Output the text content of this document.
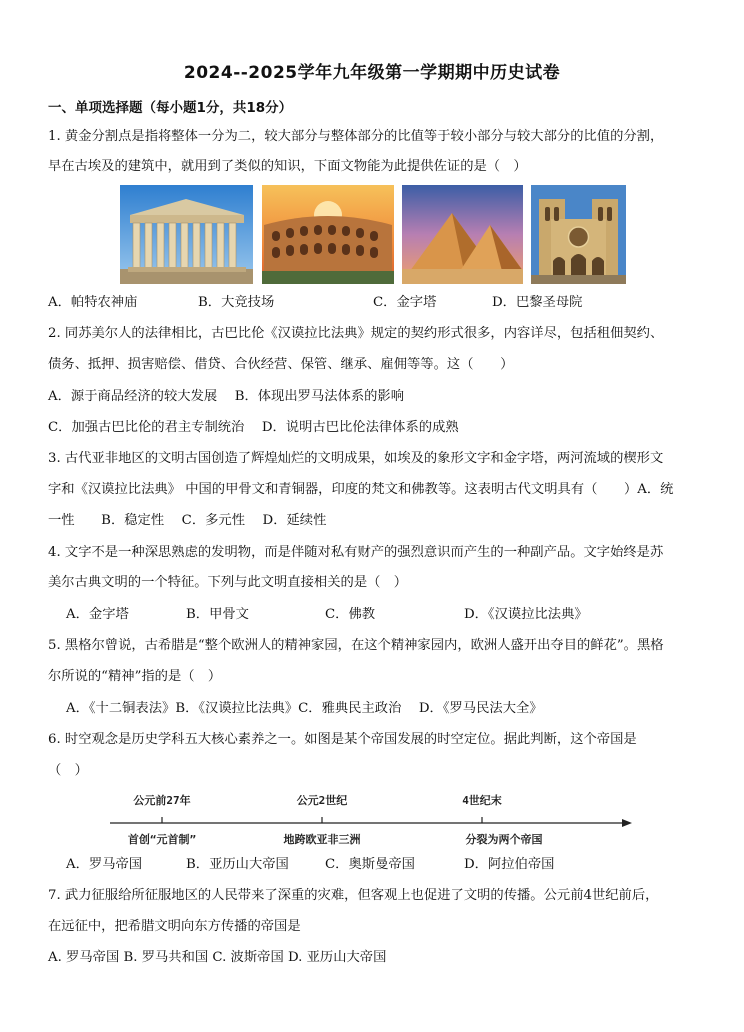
2024--2025学年九年级第一学期期中历史试卷
一、单项选择题（每小题1分，共18分）
1. 黄金分割点是指将整体一分为二，较大部分与整体部分的比值等于较小部分与较大部分的比值的分割，
早在古埃及的建筑中，就用到了类似的知识，下面文物能为此提供佐证的是（　）
A．帕特农神庙	B．大竞技场	C．金字塔	D．巴黎圣母院
2. 同苏美尔人的法律相比，古巴比伦《汉谟拉比法典》规定的契约形式很多，内容详尽，包括租佃契约、
债务、抵押、损害赔偿、借贷、合伙经营、保管、继承、雇佣等等。这（　　）
A．源于商品经济的较大发展　 B．体现出罗马法体系的影响
C．加强古巴比伦的君主专制统治　 D．说明古巴比伦法律体系的成熟
3. 古代亚非地区的文明古国创造了辉煌灿烂的文明成果，如埃及的象形文字和金字塔，两河流域的楔形文
字和《汉谟拉比法典》 中国的甲骨文和青铜器，印度的梵文和佛教等。这表明古代文明具有（　　）A．统
一性　　B．稳定性　 C．多元性　 D．延续性
4. 文字不是一种深思熟虑的发明物，而是伴随对私有财产的强烈意识而产生的一种副产品。文字始终是苏
美尔古典文明的一个特征。下列与此文明直接相关的是（　）
A．金字塔	B．甲骨文	C．佛教	D．《汉谟拉比法典》
5. 黑格尔曾说，古希腊是“整个欧洲人的精神家园，在这个精神家园内，欧洲人盛开出夺目的鲜花”。黑格
尔所说的“精神”指的是（　）
A．《十二铜表法》B．《汉谟拉比法典》C．雅典民主政治　 D．《罗马民法大全》
6. 时空观念是历史学科五大核心素养之一。如图是某个帝国发展的时空定位。据此判断，这个帝国是
（　）
公元前27年	公元2世纪	4世纪末
首创“元首制”	地跨欧亚非三洲	分裂为两个帝国
A．罗马帝国	B．亚历山大帝国	C．奥斯曼帝国	D．阿拉伯帝国
7. 武力征服给所征服地区的人民带来了深重的灾难，但客观上也促进了文明的传播。公元前4世纪前后，
在远征中，把希腊文明向东方传播的帝国是
A. 罗马帝国 B. 罗马共和国 C. 波斯帝国 D. 亚历山大帝国
